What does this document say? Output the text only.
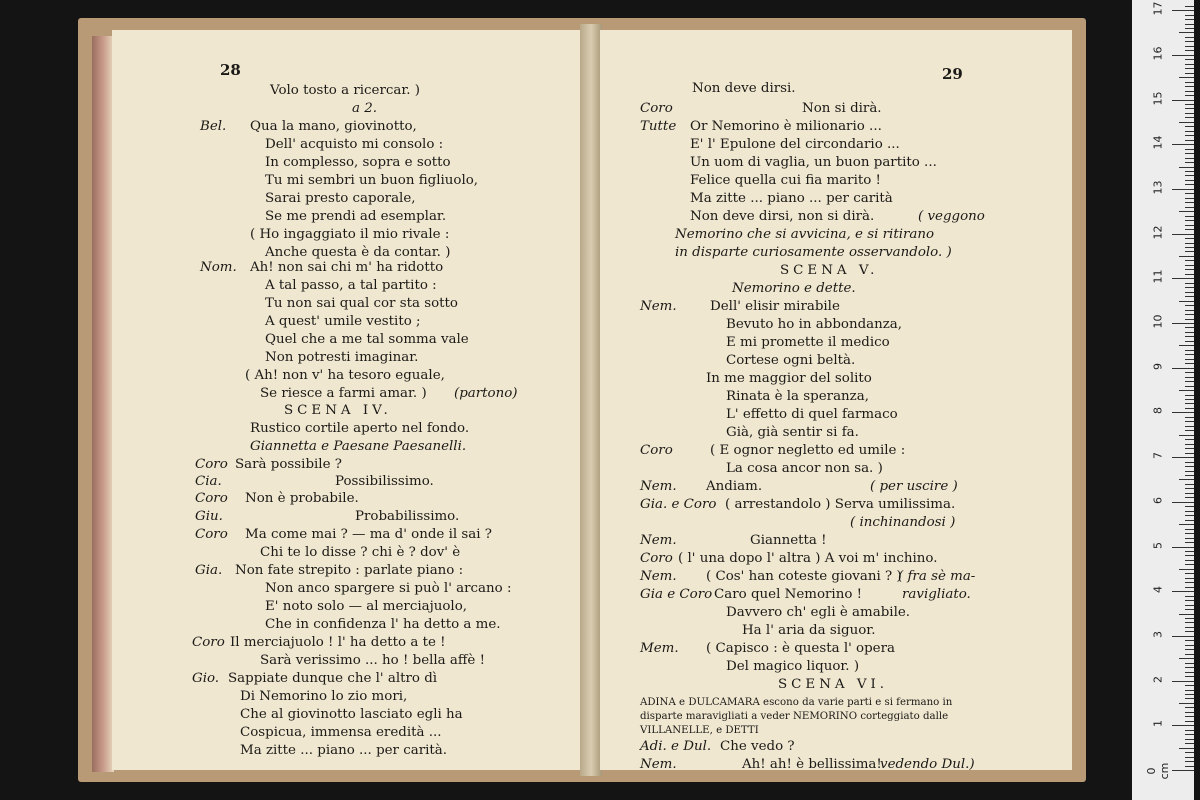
28
Volo tosto a ricercar. )
a 2.
Bel. Qua la mano, giovinotto,
Dell' acquisto mi consolo :
In complesso, sopra e sotto
Tu mi sembri un buon figliuolo,
Sarai presto caporale,
Se me prendi ad esemplar.
( Ho ingaggiato il mio rivale :
Anche questa è da contar. )
Nom. Ah! non sai chi m' ha ridotto
A tal passo, a tal partito :
Tu non sai qual cor sta sotto
A quest' umile vestito ;
Quel che a me tal somma vale
Non potresti imaginar.
( Ah! non v' ha tesoro eguale,
Se riesce a farmi amar. ) (partono)
SCENA IV.
Rustico cortile aperto nel fondo.
Giannetta e Paesane Paesanelli.
Coro Sarà possibile ?
Cia.	Possibilissimo.
Coro Non è probabile.
Giu.	Probabilissimo.
Coro Ma come mai ? — ma d' onde il sai ?
Chi te lo disse ? chi è ? dov' è
Gia. Non fate strepito : parlate piano :
Non anco spargere si può l' arcano :
E' noto solo — al merciajuolo,
Che in confidenza l' ha detto a me.
Coro Il merciajuolo ! l' ha detto a te !
Sarà verissimo ... ho ! bella affè !
Gio. Sappiate dunque che l' altro dì
Di Nemorino lo zio mori,
Che al giovinotto lasciato egli ha
Cospicua, immensa eredità ...
Ma zitte ... piano ... per carità.
29
Non deve dirsi.
Coro	Non si dirà.
Tutte Or Nemorino è milionario ...
E' l' Epulone del circondario ...
Un uom di vaglia, un buon partito ...
Felice quella cui fia marito !
Ma zitte ... piano ... per carità
Non deve dirsi, non si dirà.	( veggono
Nemorino che si avvicina, e si ritirano
in disparte curiosamente osservandolo. )
SCENA V.
Nemorino e dette.
Nem. Dell' elisir mirabile
Bevuto ho in abbondanza,
E mi promette il medico
Cortese ogni beltà.
In me maggior del solito
Rinata è la speranza,
L' effetto di quel farmaco
Già, già sentir si fa.
Coro	( E ognor negletto ed umile :
La cosa ancor non sa. )
Nem. Andiam.	( per uscire )
Gia. e Coro ( arrestandolo ) Serva umilissima.
( inchinandosi )
Nem.	Giannetta !
Coro ( l' una dopo l' altra ) A voi m' inchino.
Nem. ( Cos' han coteste giovani ? )
( fra sè ma-
Gia e Coro Caro quel Nemorino !	ravigliato.
Davvero ch' egli è amabile.
Ha l' aria da siguor.
Mem. ( Capisco : è questa l' opera
Del magico liquor. )
SCENA VI.
ADINA e DULCAMARA escono da varie parti e si fermano in
disparte maravigliati a veder NEMORINO corteggiato dalle
VILLANELLE, e DETTI
Adi. e Dul. Che vedo ?
Nem.	Ah! ah! è bellissima!
vedendo Dul.)	0 cm
1
2
3
4
5
6
7
8
9
10
11
12
13
14
15
16
17
